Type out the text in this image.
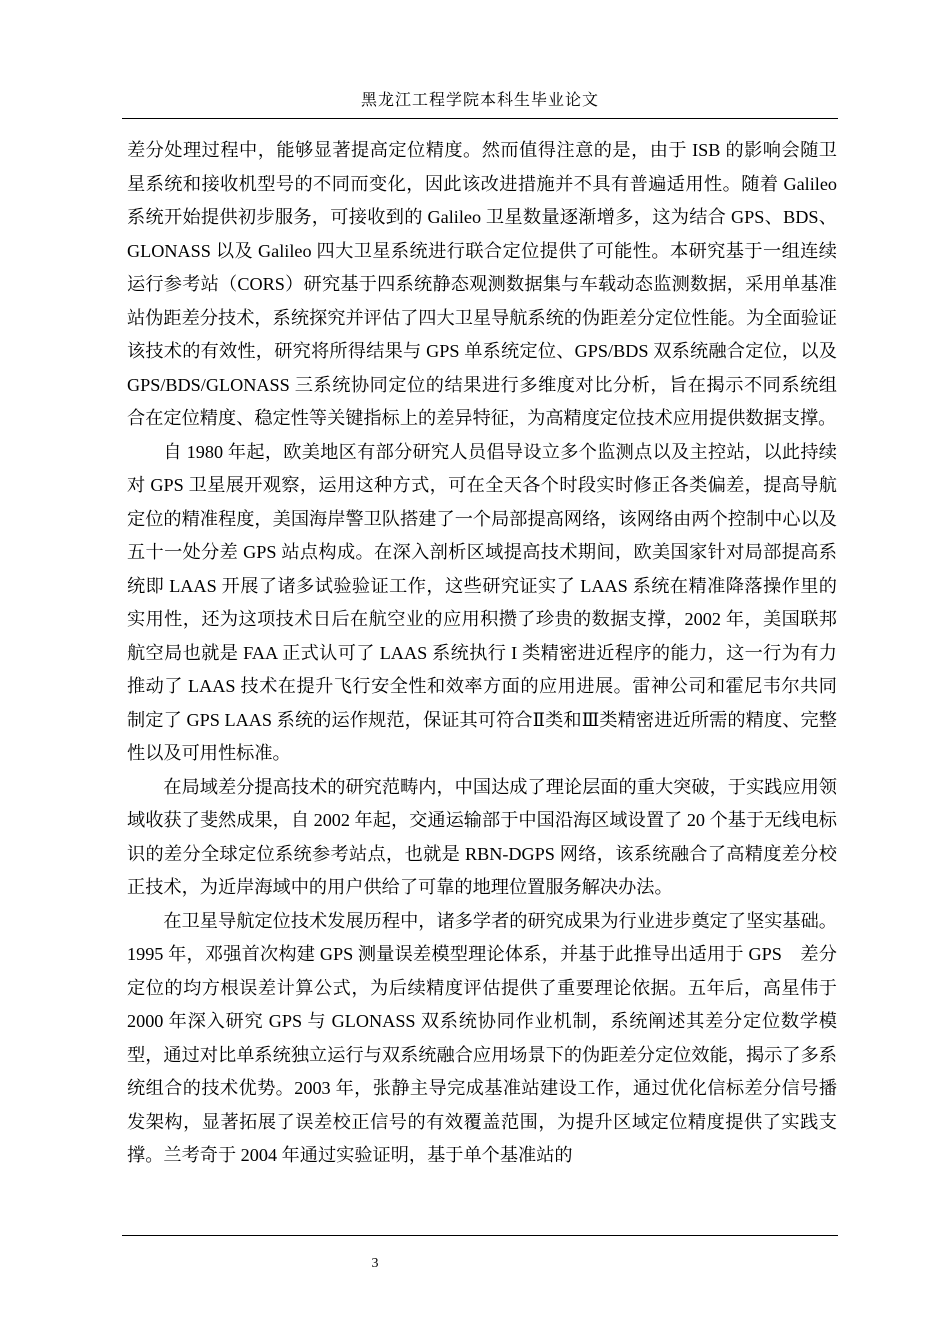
黑龙江工程学院本科生毕业论文

差分处理过程中，能够显著提高定位精度。然而值得注意的是，由于 ISB 的影响会随卫星系统和接收机型号的不同而变化，因此该改进措施并不具有普遍适用性。随着 Galileo 系统开始提供初步服务，可接收到的 Galileo 卫星数量逐渐增多，这为结合 GPS、BDS、GLONASS 以及 Galileo 四大卫星系统进行联合定位提供了可能性。本研究基于一组连续运行参考站（CORS）研究基于四系统静态观测数据集与车载动态监测数据，采用单基准站伪距差分技术，系统探究并评估了四大卫星导航系统的伪距差分定位性能。为全面验证该技术的有效性，研究将所得结果与 GPS 单系统定位、GPS/BDS 双系统融合定位，以及 GPS/BDS/GLONASS 三系统协同定位的结果进行多维度对比分析，旨在揭示不同系统组合在定位精度、稳定性等关键指标上的差异特征，为高精度定位技术应用提供数据支撑。

自 1980 年起，欧美地区有部分研究人员倡导设立多个监测点以及主控站，以此持续对 GPS 卫星展开观察，运用这种方式，可在全天各个时段实时修正各类偏差，提高导航定位的精准程度，美国海岸警卫队搭建了一个局部提高网络，该网络由两个控制中心以及五十一处分差 GPS 站点构成。在深入剖析区域提高技术期间，欧美国家针对局部提高系统即 LAAS 开展了诸多试验验证工作，这些研究证实了 LAAS 系统在精准降落操作里的实用性，还为这项技术日后在航空业的应用积攒了珍贵的数据支撑，2002 年，美国联邦航空局也就是 FAA 正式认可了 LAAS 系统执行 I 类精密进近程序的能力，这一行为有力推动了 LAAS 技术在提升飞行安全性和效率方面的应用进展。雷神公司和霍尼韦尔共同制定了 GPS LAAS 系统的运作规范，保证其可符合Ⅱ类和Ⅲ类精密进近所需的精度、完整性以及可用性标准。

在局域差分提高技术的研究范畴内，中国达成了理论层面的重大突破，于实践应用领域收获了斐然成果，自 2002 年起，交通运输部于中国沿海区域设置了 20 个基于无线电标识的差分全球定位系统参考站点，也就是 RBN-DGPS 网络，该系统融合了高精度差分校正技术，为近岸海域中的用户供给了可靠的地理位置服务解决办法。

在卫星导航定位技术发展历程中，诸多学者的研究成果为行业进步奠定了坚实基础。1995 年，邓强首次构建 GPS 测量误差模型理论体系，并基于此推导出适用于 GPS　差分定位的均方根误差计算公式，为后续精度评估提供了重要理论依据。五年后，高星伟于 2000 年深入研究 GPS 与 GLONASS 双系统协同作业机制，系统阐述其差分定位数学模型，通过对比单系统独立运行与双系统融合应用场景下的伪距差分定位效能，揭示了多系统组合的技术优势。2003 年，张静主导完成基准站建设工作，通过优化信标差分信号播发架构，显著拓展了误差校正信号的有效覆盖范围，为提升区域定位精度提供了实践支撑。兰考奇于 2004 年通过实验证明，基于单个基准站的

3
